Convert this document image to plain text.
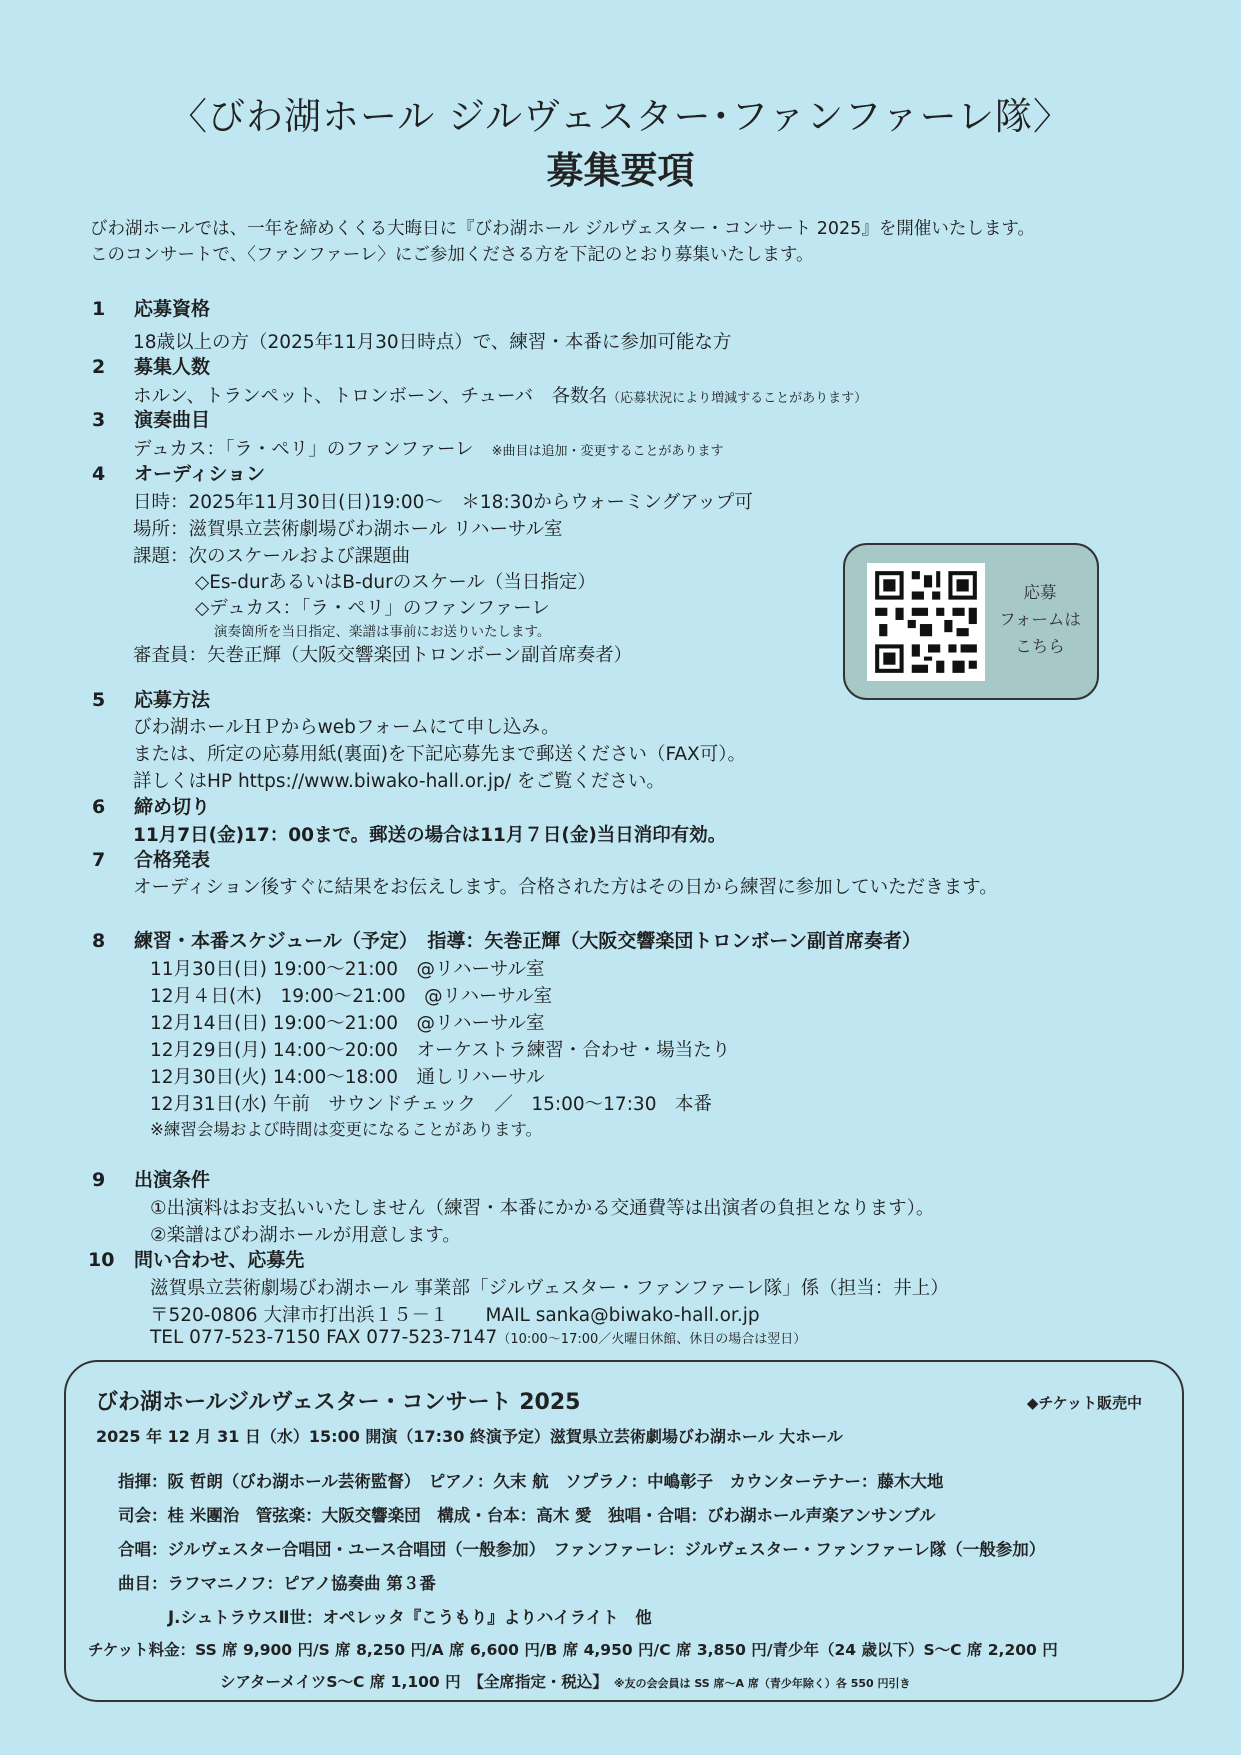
〈びわ湖ホール ジルヴェスター･ファンファーレ隊〉
募集要項
びわ湖ホールでは、一年を締めくくる大晦日に『びわ湖ホール ジルヴェスター・コンサート 2025』を開催いたします。
このコンサートで、〈ファンファーレ〉にご参加くださる方を下記のとおり募集いたします。
1 応募資格
18歳以上の方（2025年11月30日時点）で、練習・本番に参加可能な方
2 募集人数
ホルン、トランペット、トロンボーン、チューバ　各数名（応募状況により増減することがあります）
3 演奏曲目
デュカス：「ラ・ペリ」のファンファーレ ※曲目は追加・変更することがあります
4 オーディション
日時：2025年11月30日(日)19:00～　＊18:30からウォーミングアップ可
場所：滋賀県立芸術劇場びわ湖ホール リハーサル室
課題：次のスケールおよび課題曲
◇Es-durあるいはB-durのスケール（当日指定）
◇デュカス：「ラ・ペリ」のファンファーレ
演奏箇所を当日指定、楽譜は事前にお送りいたします。
審査員：矢巻正輝（大阪交響楽団トロンボーン副首席奏者）
応募
フォームは
こちら
5 応募方法
びわ湖ホールＨＰからwebフォームにて申し込み。
または、所定の応募用紙(裏面)を下記応募先まで郵送ください（FAX可）。
詳しくはHP https://www.biwako-hall.or.jp/ をご覧ください。
6 締め切り
11月7日(金)17：00まで。郵送の場合は11月７日(金)当日消印有効。
7 合格発表
オーディション後すぐに結果をお伝えします。合格された方はその日から練習に参加していただきます。
8 練習・本番スケジュール（予定）　指導：矢巻正輝（大阪交響楽団トロンボーン副首席奏者）
11月30日(日) 19:00～21:00　@リハーサル室
12月４日(木)　19:00～21:00　@リハーサル室
12月14日(日) 19:00～21:00　@リハーサル室
12月29日(月) 14:00～20:00　オーケストラ練習・合わせ・場当たり
12月30日(火) 14:00～18:00　通しリハーサル
12月31日(水) 午前　サウンドチェック　／　15:00～17:30　本番
※練習会場および時間は変更になることがあります。
9 出演条件
①出演料はお支払いいたしません（練習・本番にかかる交通費等は出演者の負担となります）。
②楽譜はびわ湖ホールが用意します。
10 問い合わせ、応募先
滋賀県立芸術劇場びわ湖ホール 事業部「ジルヴェスター・ファンファーレ隊」係（担当：井上）
〒520-0806 大津市打出浜１５－１　　MAIL sanka@biwako-hall.or.jp
TEL 077-523-7150 FAX 077-523-7147（10:00～17:00／火曜日休館、休日の場合は翌日）
びわ湖ホールジルヴェスター・コンサート 2025	◆チケット販売中
2025 年 12 月 31 日（水）15:00 開演（17:30 終演予定）滋賀県立芸術劇場びわ湖ホール 大ホール
指揮：阪 哲朗（びわ湖ホール芸術監督）　ピアノ：久末 航　ソプラノ：中嶋彰子　カウンターテナー：藤木大地
司会：桂 米團治　管弦楽：大阪交響楽団　構成・台本：高木 愛　独唱・合唱：びわ湖ホール声楽アンサンブル
合唱：ジルヴェスター合唱団・ユース合唱団（一般参加）　ファンファーレ：ジルヴェスター・ファンファーレ隊（一般参加）
曲目：ラフマニノフ：ピアノ協奏曲 第３番
J.シュトラウスⅡ世：オペレッタ『こうもり』よりハイライト　他
チケット料金：SS 席 9,900 円/S 席 8,250 円/A 席 6,600 円/B 席 4,950 円/C 席 3,850 円/青少年（24 歳以下）S～C 席 2,200 円
シアターメイツS～C 席 1,100 円　【全席指定・税込】 ※友の会会員は SS 席～A 席（青少年除く）各 550 円引き
